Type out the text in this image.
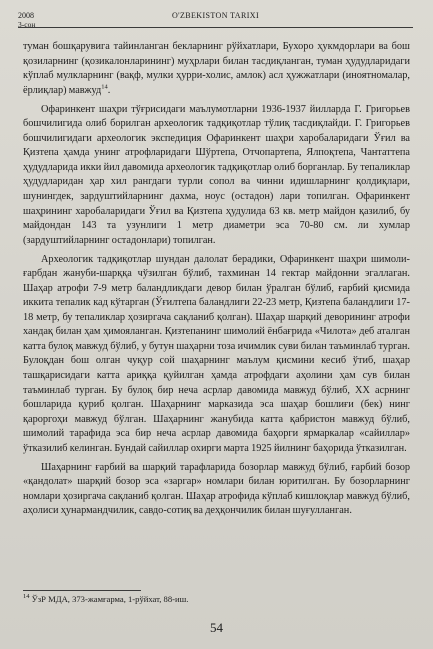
2008
3-сон
O'ZBEKISTON TARIXI

туман бошқарувига тайинланган бекларнинг рўйхатлари, Бухоро ҳукмдорлари ва бош қозиларнинг (қозикалонларининг) муҳрлари билан тасдиқланган, туман ҳудудларидаги кўплаб мулкларнинг (вақф, мулки ҳурри-холис, амлок) асл ҳужжатлари (иноятномалар, ёрлиқлар) мавжуд$^{14}$.

Офаринкент шаҳри тўғрисидаги маълумотларни 1936-1937 йилларда Г. Григорьев бошчилигида олиб борилган археологик тадқиқотлар тўлиқ тасдиқлайди. Г. Григорьев бошчилигидаги археологик экспедиция Офаринкент шаҳри харобаларидаги Ўғил ва Қизтепа ҳамда унинг атрофларидаги Шўртепа, Отчопартепа, Ялпоқтепа, Чантаттепа ҳудудларида икки йил давомида археологик тадқиқотлар олиб борганлар. Бу тепаликлар ҳудудларидан ҳар хил рангдаги турли сопол ва чинни идишларнинг қолдиқлари, шунингдек, зардуштийларнинг дахма, ноус (остадон) лари топилган. Офаринкент шаҳрининг харобаларидаги Ўғил ва Қизтепа ҳудулида 63 кв. метр майдон қазилиб, бу майдондан 143 та узунлиги 1 метр диаметри эса 70-80 см. ли хумлар (зардуштийларнинг остадонлари) топилган.

Археологик тадқиқотлар шундан далолат берадики, Офаринкент шаҳри шимоли-ғарбдан жануби-шарққа чўзилган бўлиб, тахминан 14 гектар майдонни эгаллаган. Шаҳар атрофи 7-9 метр баландликдаги девор билан ўралган бўлиб, ғарбий қисмида иккита тепалик кад кўтарган (Ўғилтепа баландлиги 22-23 метр, Қизтепа баландлиги 17-18 метр, бу тепаликлар ҳозиргача сақланиб қолган). Шаҳар шарқий деворининг атрофи хандақ билан ҳам ҳимояланган. Қизтепанинг шимолий ёнбағрида «Чилота» деб аталган катта булоқ мавжуд бўлиб, у бутун шаҳарни тоза ичимлик суви билан таъминлаб турган. Булоқдан бош олган чуқур сой шаҳарнинг маълум қисмини кесиб ўтиб, шаҳар ташқарисидаги катта ариққа қуйилган ҳамда атрофдаги аҳолини ҳам сув билан таъминлаб турган. Бу булоқ бир неча асрлар давомида мавжуд бўлиб, XX асрнинг бошларида қуриб қолган. Шаҳарнинг марказида эса шаҳар бошлиғи (бек) нинг қароргоҳи мавжуд бўлган. Шаҳарнинг жанубида катта қабристон мавжуд бўлиб, шимолий тарафида эса бир неча асрлар давомида баҳорги ярмаркалар «сайиллар» ўтказилиб келинган. Бундай сайиллар охирги марта 1925 йилнинг баҳорида ўтказилган.

Шаҳарнинг ғарбий ва шарқий тарафларида бозорлар мавжуд бўлиб, ғарбий бозор «қандолат» шарқий бозор эса «заргар» номлари билан юритилган. Бу бозорларнинг номлари ҳозиргача сақланиб қолган. Шаҳар атрофида кўплаб кишлоқлар мавжуд бўлиб, аҳолиси ҳунармандчилик, савдо-сотиқ ва деҳқончилик билан шуғулланган.

$^{14}$ ЎзР МДА, 373-жамғарма, 1-рўйхат, 88-иш.
54
